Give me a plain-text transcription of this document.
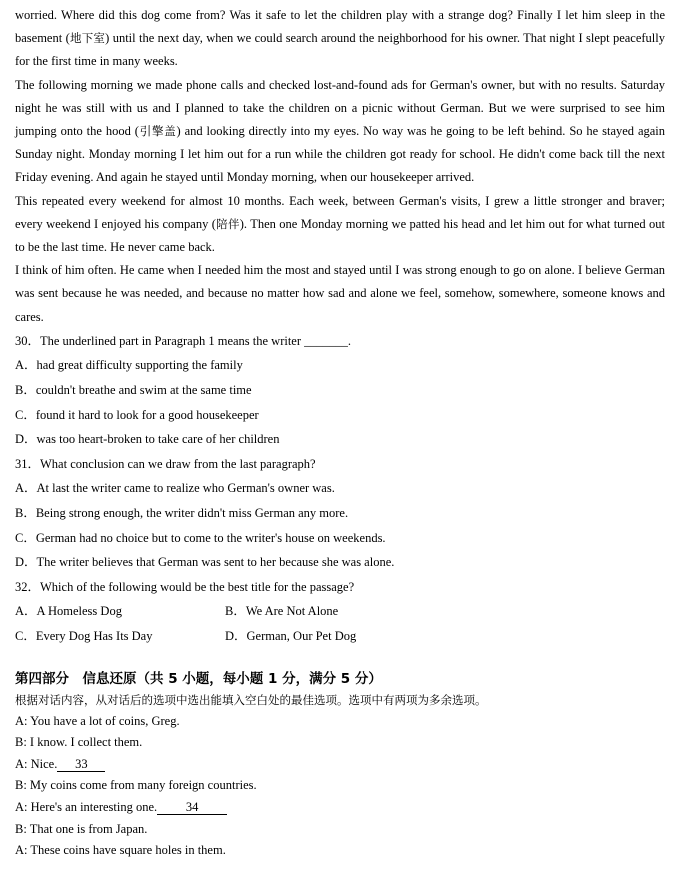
worried. Where did this dog come from? Was it safe to let the children play with a strange dog? Finally I let him sleep in the basement (地下室) until the next day, when we could search around the neighborhood for his owner. That night I slept peacefully for the first time in many weeks.

The following morning we made phone calls and checked lost-and-found ads for German's owner, but with no results. Saturday night he was still with us and I planned to take the children on a picnic without German. But we were surprised to see him jumping onto the hood (引擎盖) and looking directly into my eyes. No way was he going to be left behind. So he stayed again Sunday night. Monday morning I let him out for a run while the children got ready for school. He didn't come back till the next Friday evening. And again he stayed until Monday morning, when our housekeeper arrived.

This repeated every weekend for almost 10 months. Each week, between German's visits, I grew a little stronger and braver; every weekend I enjoyed his company (陪伴). Then one Monday morning we patted his head and let him out for what turned out to be the last time. He never came back.

I think of him often. He came when I needed him the most and stayed until I was strong enough to go on alone. I believe German was sent because he was needed, and because no matter how sad and alone we feel, somehow, somewhere, someone knows and cares.

30．The underlined part in Paragraph 1 means the writer _______.

A．had great difficulty supporting the family

B．couldn't breathe and swim at the same time

C．found it hard to look for a good housekeeper

D．was too heart-broken to take care of her children

31．What conclusion can we draw from the last paragraph?

A．At last the writer came to realize who German's owner was.

B．Being strong enough, the writer didn't miss German any more.

C．German had no choice but to come to the writer's house on weekends.

D．The writer believes that German was sent to her because she was alone.

32．Which of the following would be the best title for the passage?

A．A Homeless Dog	B．We Are Not Alone
C．Every Dog Has Its Day	D．German, Our Pet Dog
第四部分　信息还原（共 5 小题，每小题 1 分，满分 5 分）
根据对话内容，从对话后的选项中选出能填入空白处的最佳选项。选项中有两项为多余选项。
A: You have a lot of coins, Greg.
B: I know. I collect them.
A: Nice. 33
B: My coins come from many foreign countries.
A: Here's an interesting one. 34
B: That one is from Japan.
A: These coins have square holes in them.
